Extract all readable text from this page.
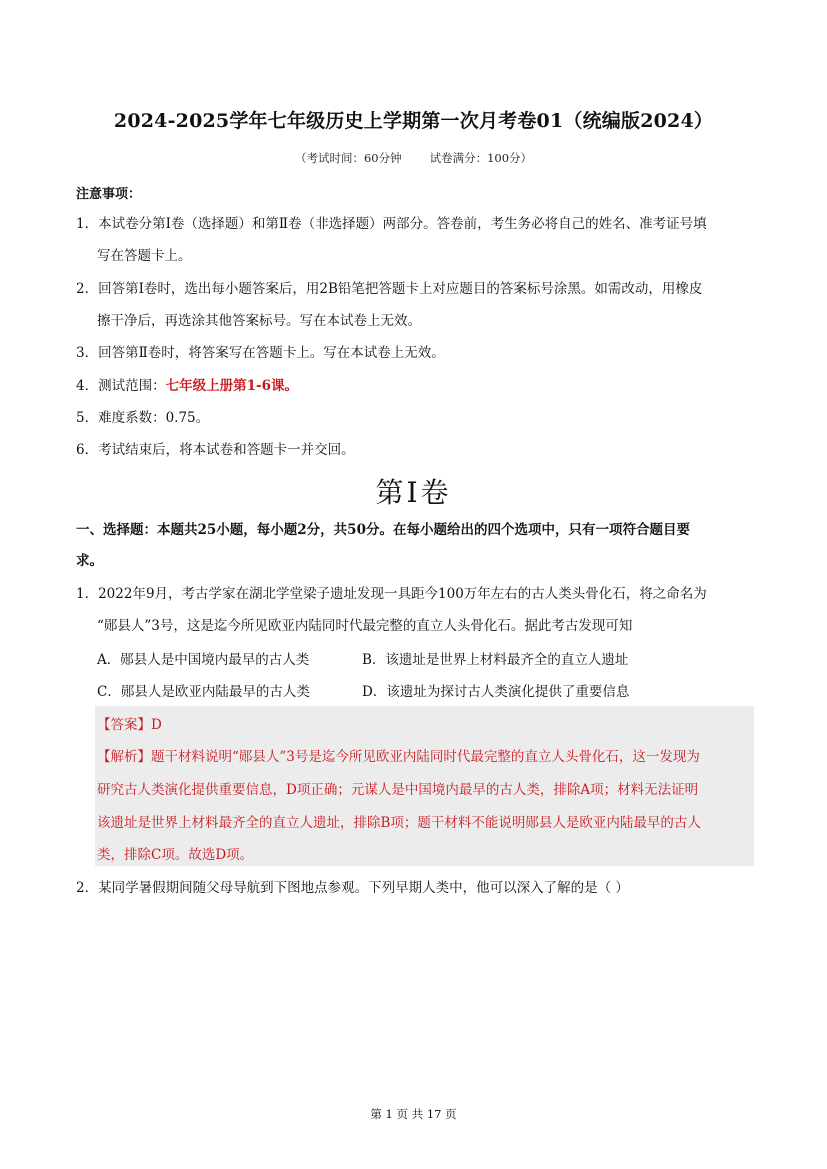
2024-2025学年七年级历史上学期第一次月考卷01（统编版2024）
（考试时间：60分钟 试卷满分：100分）
注意事项：
1．本试卷分第Ⅰ卷（选择题）和第Ⅱ卷（非选择题）两部分。答卷前，考生务必将自己的姓名、准考证号填
写在答题卡上。
2．回答第Ⅰ卷时，选出每小题答案后，用2B铅笔把答题卡上对应题目的答案标号涂黑。如需改动，用橡皮
擦干净后，再选涂其他答案标号。写在本试卷上无效。
3．回答第Ⅱ卷时，将答案写在答题卡上。写在本试卷上无效。
4．测试范围：七年级上册第1-6课。
5．难度系数：0.75。
6．考试结束后，将本试卷和答题卡一并交回。
第Ⅰ卷
一、选择题：本题共25小题，每小题2分，共50分。在每小题给出的四个选项中，只有一项符合题目要
求。
1．2022年9月，考古学家在湖北学堂梁子遗址发现一具距今100万年左右的古人类头骨化石，将之命名为
“郧县人”3号，这是迄今所见欧亚内陆同时代最完整的直立人头骨化石。据此考古发现可知
A．郧县人是中国境内最早的古人类	B．该遗址是世界上材料最齐全的直立人遗址
C．郧县人是欧亚内陆最早的古人类	D．该遗址为探讨古人类演化提供了重要信息
【答案】D
【解析】题干材料说明“郧县人”3号是迄今所见欧亚内陆同时代最完整的直立人头骨化石，这一发现为
研究古人类演化提供重要信息，D项正确；元谋人是中国境内最早的古人类，排除A项；材料无法证明
该遗址是世界上材料最齐全的直立人遗址，排除B项；题干材料不能说明郧县人是欧亚内陆最早的古人
类，排除C项。故选D项。
2．某同学暑假期间随父母导航到下图地点参观。下列早期人类中，他可以深入了解的是（ ）
第 1 页 共 17 页
